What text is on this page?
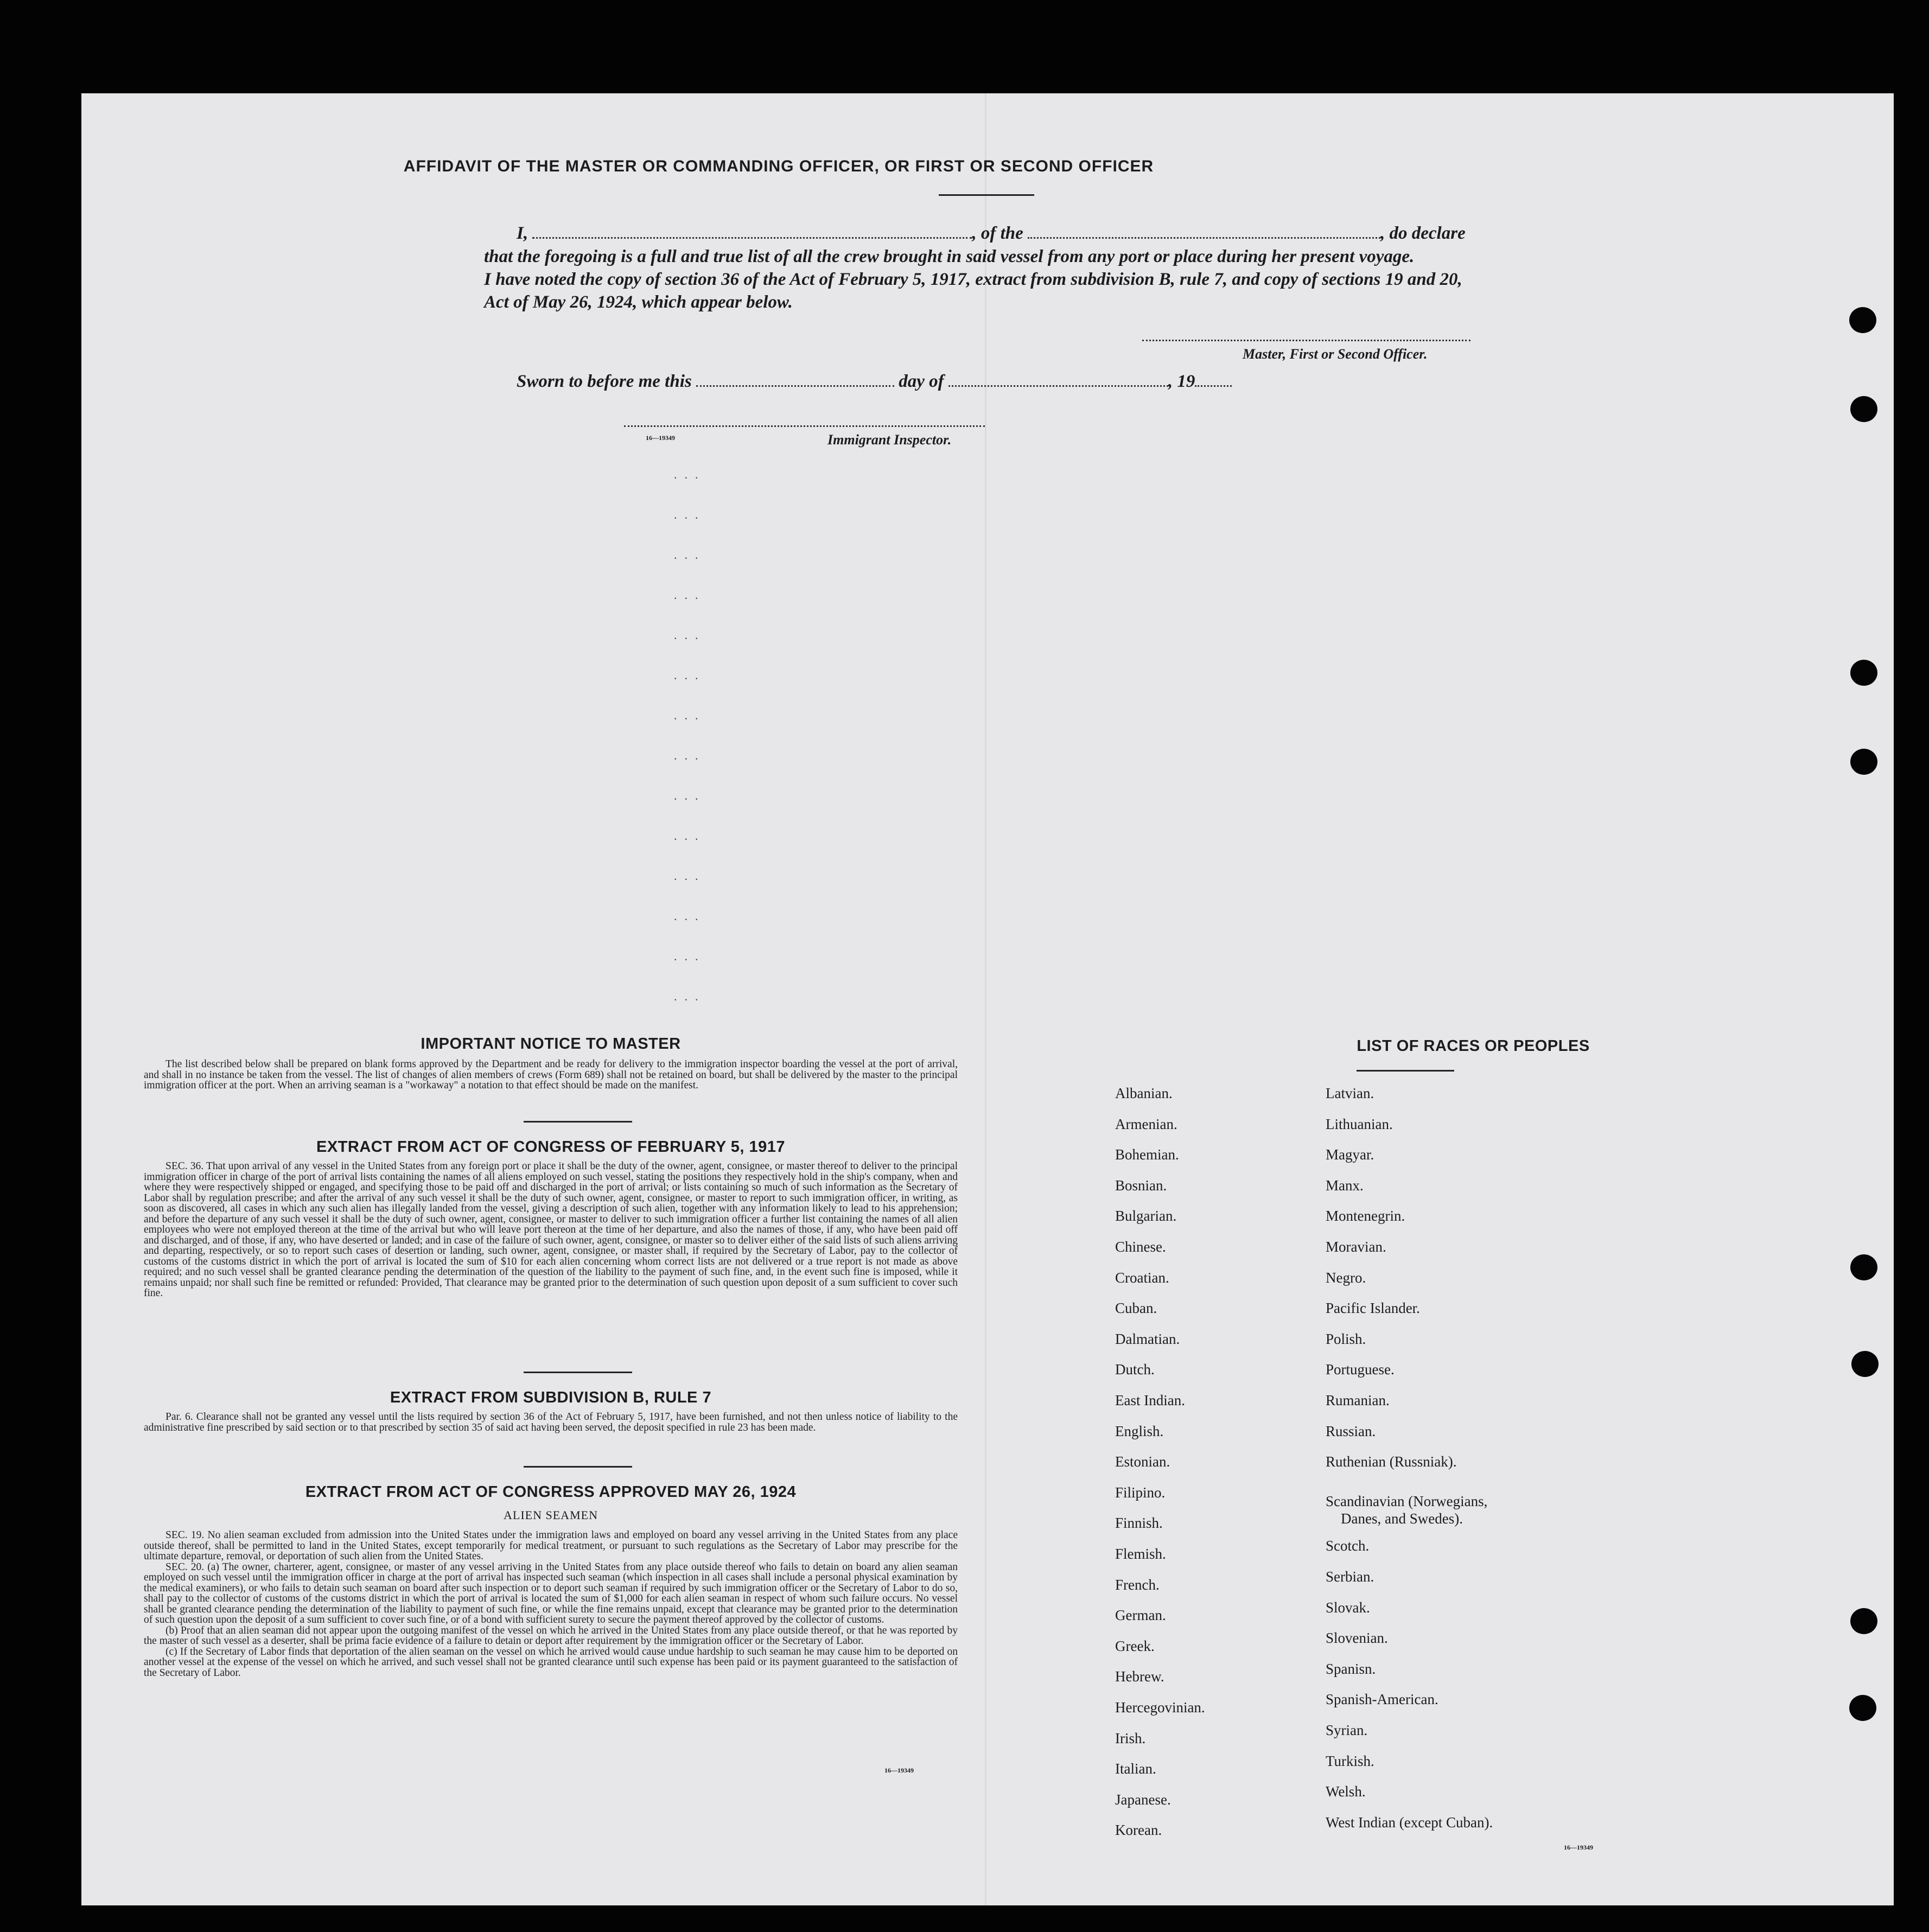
AFFIDAVIT OF THE MASTER OR COMMANDING OFFICER, OR FIRST OR SECOND OFFICER
I,	, of the	, do declare
that the foregoing is a full and true list of all the crew brought in said vessel from any port or place during her present voyage.
I have noted the copy of section 36 of the Act of February 5, 1917, extract from subdivision B, rule 7, and copy of sections 19 and 20,
Act of May 26, 1924, which appear below.
Master, First or Second Officer.
Sworn to before me this	day of	, 19
16—19349	Immigrant Inspector.
...
...
...
...
...
...
...
...
...
...
...
...
...
...
IMPORTANT NOTICE TO MASTER

The list described below shall be prepared on blank forms approved by the Department and be ready for delivery to the immigration inspector boarding the vessel at the port of arrival, and shall in no instance be taken from the vessel. The list of changes of alien members of crews (Form 689) shall not be retained on board, but shall be delivered by the master to the principal immigration officer at the port. When an arriving seaman is a "workaway" a notation to that effect should be made on the manifest.

EXTRACT FROM ACT OF CONGRESS OF FEBRUARY 5, 1917

SEC. 36. That upon arrival of any vessel in the United States from any foreign port or place it shall be the duty of the owner, agent, consignee, or master thereof to deliver to the principal immigration officer in charge of the port of arrival lists containing the names of all aliens employed on such vessel, stating the positions they respectively hold in the ship's company, when and where they were respectively shipped or engaged, and specifying those to be paid off and discharged in the port of arrival; or lists containing so much of such information as the Secretary of Labor shall by regulation prescribe; and after the arrival of any such vessel it shall be the duty of such owner, agent, consignee, or master to report to such immigration officer, in writing, as soon as discovered, all cases in which any such alien has illegally landed from the vessel, giving a description of such alien, together with any information likely to lead to his apprehension; and before the departure of any such vessel it shall be the duty of such owner, agent, consignee, or master to deliver to such immigration officer a further list containing the names of all alien employees who were not employed thereon at the time of the arrival but who will leave port thereon at the time of her departure, and also the names of those, if any, who have been paid off and discharged, and of those, if any, who have deserted or landed; and in case of the failure of such owner, agent, consignee, or master so to deliver either of the said lists of such aliens arriving and departing, respectively, or so to report such cases of desertion or landing, such owner, agent, consignee, or master shall, if required by the Secretary of Labor, pay to the collector of customs of the customs district in which the port of arrival is located the sum of $10 for each alien concerning whom correct lists are not delivered or a true report is not made as above required; and no such vessel shall be granted clearance pending the determination of the question of the liability to the payment of such fine, and, in the event such fine is imposed, while it remains unpaid; nor shall such fine be remitted or refunded: Provided, That clearance may be granted prior to the determination of such question upon deposit of a sum sufficient to cover such fine.

EXTRACT FROM SUBDIVISION B, RULE 7

Par. 6. Clearance shall not be granted any vessel until the lists required by section 36 of the Act of February 5, 1917, have been furnished, and not then unless notice of liability to the administrative fine prescribed by said section or to that prescribed by section 35 of said act having been served, the deposit specified in rule 23 has been made.

EXTRACT FROM ACT OF CONGRESS APPROVED MAY 26, 1924
ALIEN SEAMEN

SEC. 19. No alien seaman excluded from admission into the United States under the immigration laws and employed on board any vessel arriving in the United States from any place outside thereof, shall be permitted to land in the United States, except temporarily for medical treatment, or pursuant to such regulations as the Secretary of Labor may prescribe for the ultimate departure, removal, or deportation of such alien from the United States.

SEC. 20. (a) The owner, charterer, agent, consignee, or master of any vessel arriving in the United States from any place outside thereof who fails to detain on board any alien seaman employed on such vessel until the immigration officer in charge at the port of arrival has inspected such seaman (which inspection in all cases shall include a personal physical examination by the medical examiners), or who fails to detain such seaman on board after such inspection or to deport such seaman if required by such immigration officer or the Secretary of Labor to do so, shall pay to the collector of customs of the customs district in which the port of arrival is located the sum of $1,000 for each alien seaman in respect of whom such failure occurs. No vessel shall be granted clearance pending the determination of the liability to payment of such fine, or while the fine remains unpaid, except that clearance may be granted prior to the determination of such question upon the deposit of a sum sufficient to cover such fine, or of a bond with sufficient surety to secure the payment thereof approved by the collector of customs.

(b) Proof that an alien seaman did not appear upon the outgoing manifest of the vessel on which he arrived in the United States from any place outside thereof, or that he was reported by the master of such vessel as a deserter, shall be prima facie evidence of a failure to detain or deport after requirement by the immigration officer or the Secretary of Labor.

(c) If the Secretary of Labor finds that deportation of the alien seaman on the vessel on which he arrived would cause undue hardship to such seaman he may cause him to be deported on another vessel at the expense of the vessel on which he arrived, and such vessel shall not be granted clearance until such expense has been paid or its payment guaranteed to the satisfaction of the Secretary of Labor.

16—19349
LIST OF RACES OR PEOPLES
Albanian.
Armenian.
Bohemian.
Bosnian.
Bulgarian.
Chinese.
Croatian.
Cuban.
Dalmatian.
Dutch.
East Indian.
English.
Estonian.
Filipino.
Finnish.
Flemish.
French.
German.
Greek.
Hebrew.
Hercegovinian.
Irish.
Italian.
Japanese.
Korean.
Latvian.
Lithuanian.
Magyar.
Manx.
Montenegrin.
Moravian.
Negro.
Pacific Islander.
Polish.
Portuguese.
Rumanian.
Russian.
Ruthenian (Russniak).
Scandinavian (Norwegians,
Danes, and Swedes).
Scotch.
Serbian.
Slovak.
Slovenian.
Spanisn.
Spanish-American.
Syrian.
Turkish.
Welsh.
West Indian (except Cuban).
16—19349
